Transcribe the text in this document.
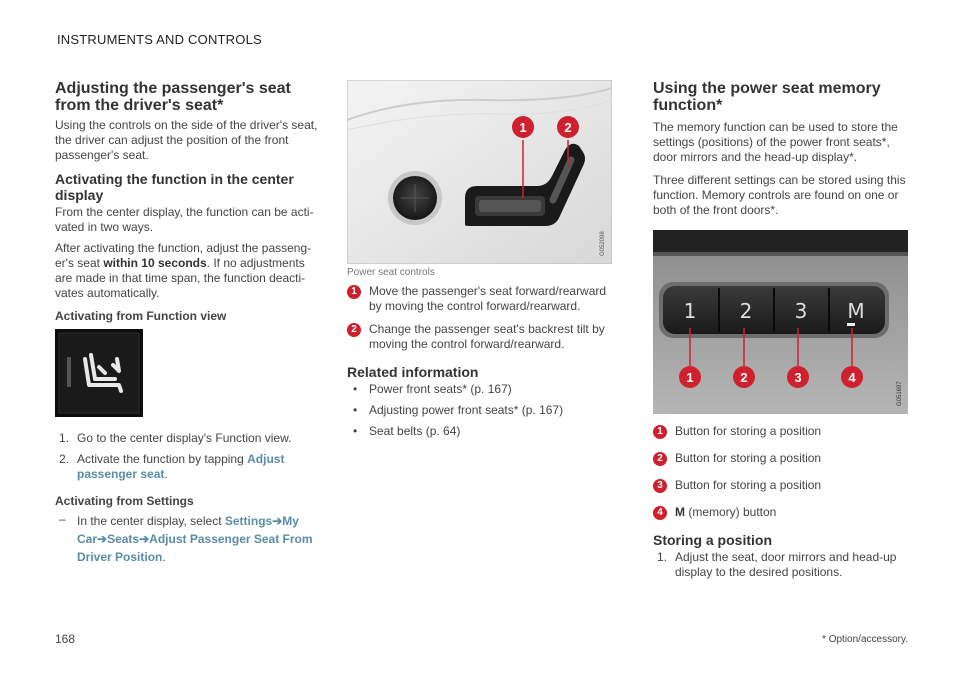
INSTRUMENTS AND CONTROLS
Adjusting the passenger's seat from the driver's seat*

Using the controls on the side of the driver's seat, the driver can adjust the position of the front passenger's seat.

Activating the function in the center display

From the center display, the function can be acti-vated in two ways.

After activating the function, adjust the passeng-er's seat within 10 seconds. If no adjustments are made in that time span, the function deacti-vates automatically.

Activating from Function view
1. Go to the center display's Function view.
2. Activate the function by tapping Adjust passenger seat.
Activating from Settings
– In the center display, select Settings➔My Car➔Seats➔Adjust Passenger Seat From Driver Position.
1	2
G052098
Power seat controls
1	Move the passenger's seat forward/rearward by moving the control forward/rearward.
2	Change the passenger seat's backrest tilt by moving the control forward/rearward.
Related information
• Power front seats* (p. 167)
• Adjusting power front seats* (p. 167)
• Seat belts (p. 64)
Using the power seat memory function*

The memory function can be used to store the settings (positions) of the power front seats*, door mirrors and the head-up display*.

Three different settings can be stored using this function. Memory controls are found on one or both of the front doors*.

1 2 3 M
1	2	3	4
G051697
1	Button for storing a position
2	Button for storing a position
3	Button for storing a position
4	M (memory) button
Storing a position
1. Adjust the seat, door mirrors and head-up display to the desired positions.
168	* Option/accessory.
